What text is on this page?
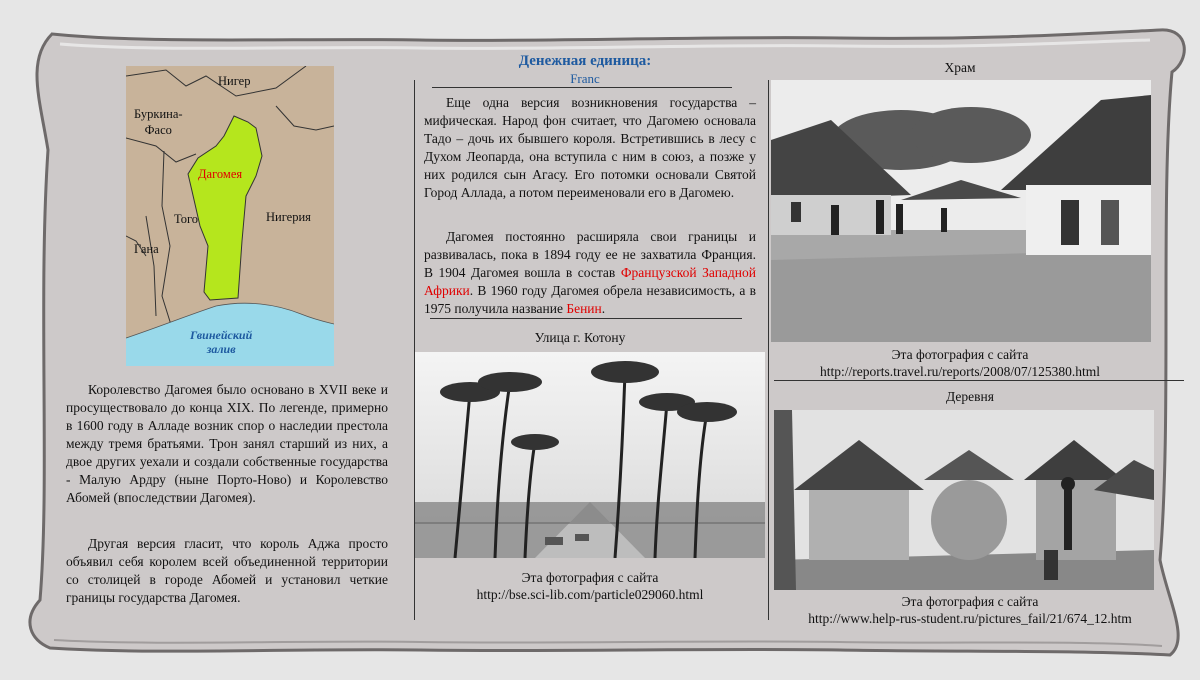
Нигер
Буркина-
Фасо
Дагомея
Того	Нигерия
Гана
Гвинейский
залив

Королевство Дагомея было основано в XVII веке и просуществовало до конца XIX. По легенде, примерно в 1600 году в Алладе возник спор о наследии престола между тремя братьями. Трон занял старший из них, а двое других уехали и создали собственные государства - Малую Ардру (ныне Порто-Ново) и Королевство Абомей (впоследствии Дагомея).

Другая версия гласит, что король Аджа просто объявил себя королем всей объединенной территории со столицей в городе Абомей и установил четкие границы государства Дагомея.

Денежная единица:
Franc

Еще одна версия возникновения государства – мифическая. Народ фон считает, что Дагомею основала Тадо – дочь их бывшего короля. Встретившись в лесу с Духом Леопарда, она вступила с ним в союз, а позже у них родился сын Агасу. Его потомки основали Святой Город Аллада, а потом переименовали его в Дагомею.

Дагомея постоянно расширяла свои границы и развивалась, пока в 1894 году ее не захватила Франция. В 1904 Дагомея вошла в состав Французской Западной Африки. В 1960 году Дагомея обрела независимость, а в 1975 получила название Бенин.

Улица г. Котону
Эта фотография с сайта
http://bse.sci-lib.com/particle029060.html
Храм
Эта фотография с сайта
http://reports.travel.ru/reports/2008/07/125380.html
Деревня
Эта фотография с сайта
http://www.help-rus-student.ru/pictures_fail/21/674_12.htm
